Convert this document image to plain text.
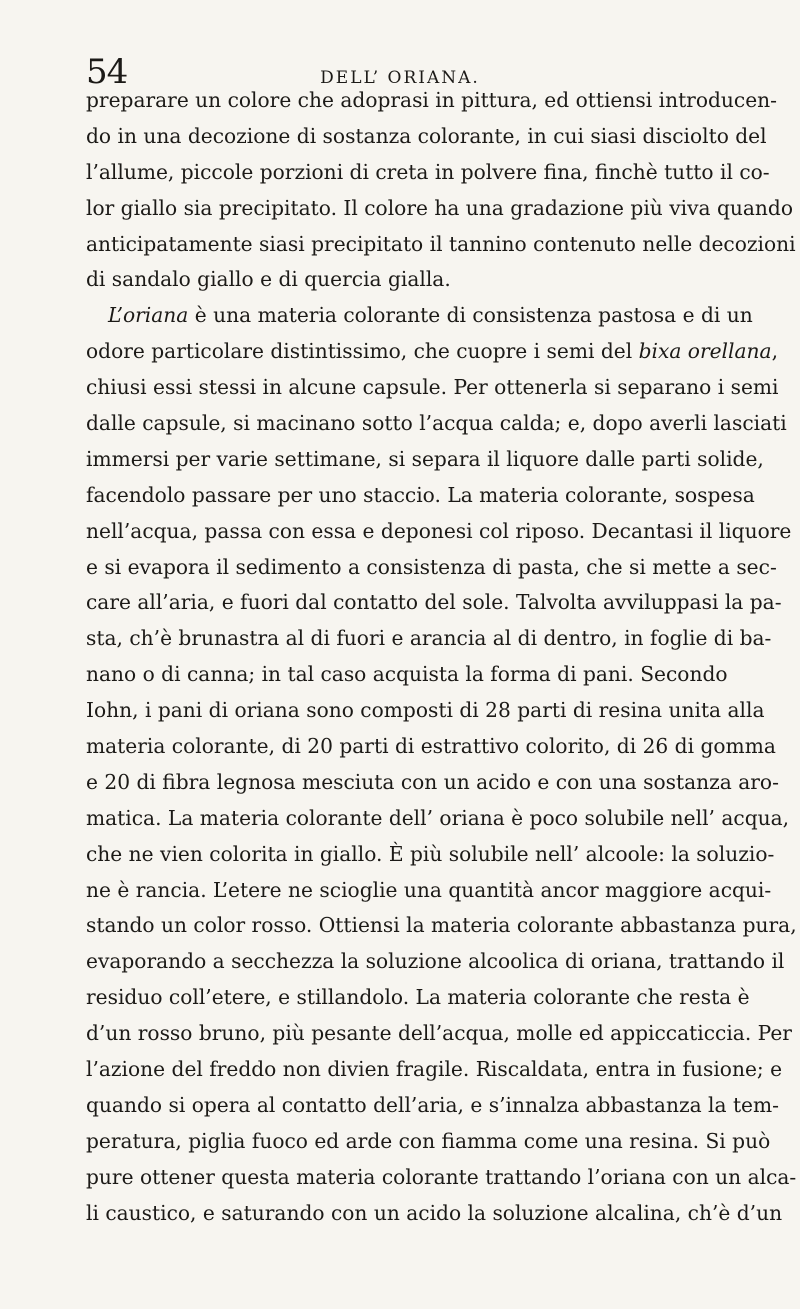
54	DELL’ ORIANA.
preparare un colore che adoprasi in pittura, ed ottiensi introducen-
do in una decozione di sostanza colorante, in cui siasi disciolto del
l’allume, piccole porzioni di creta in polvere fina, finchè tutto il co-
lor giallo sia precipitato. Il colore ha una gradazione più viva quando
anticipatamente siasi precipitato il tannino contenuto nelle decozioni
di sandalo giallo e di quercia gialla.
L’oriana è una materia colorante di consistenza pastosa e di un
odore particolare distintissimo, che cuopre i semi del bixa orellana,
chiusi essi stessi in alcune capsule. Per ottenerla si separano i semi
dalle capsule, si macinano sotto l’acqua calda; e, dopo averli lasciati
immersi per varie settimane, si separa il liquore dalle parti solide,
facendolo passare per uno staccio. La materia colorante, sospesa
nell’acqua, passa con essa e deponesi col riposo. Decantasi il liquore
e si evapora il sedimento a consistenza di pasta, che si mette a sec-
care all’aria, e fuori dal contatto del sole. Talvolta avviluppasi la pa-
sta, ch’è brunastra al di fuori e arancia al di dentro, in foglie di ba-
nano o di canna; in tal caso acquista la forma di pani. Secondo
Iohn, i pani di oriana sono composti di 28 parti di resina unita alla
materia colorante, di 20 parti di estrattivo colorito, di 26 di gomma
e 20 di fibra legnosa mesciuta con un acido e con una sostanza aro-
matica. La materia colorante dell’ oriana è poco solubile nell’ acqua,
che ne vien colorita in giallo. È più solubile nell’ alcoole: la soluzio-
ne è rancia. L’etere ne scioglie una quantità ancor maggiore acqui-
stando un color rosso. Ottiensi la materia colorante abbastanza pura,
evaporando a secchezza la soluzione alcoolica di oriana, trattando il
residuo coll’etere, e stillandolo. La materia colorante che resta è
d’un rosso bruno, più pesante dell’acqua, molle ed appiccaticcia. Per
l’azione del freddo non divien fragile. Riscaldata, entra in fusione; e
quando si opera al contatto dell’aria, e s’innalza abbastanza la tem-
peratura, piglia fuoco ed arde con fiamma come una resina. Si può
pure ottener questa materia colorante trattando l’oriana con un alca-
li caustico, e saturando con un acido la soluzione alcalina, ch’è d’un
